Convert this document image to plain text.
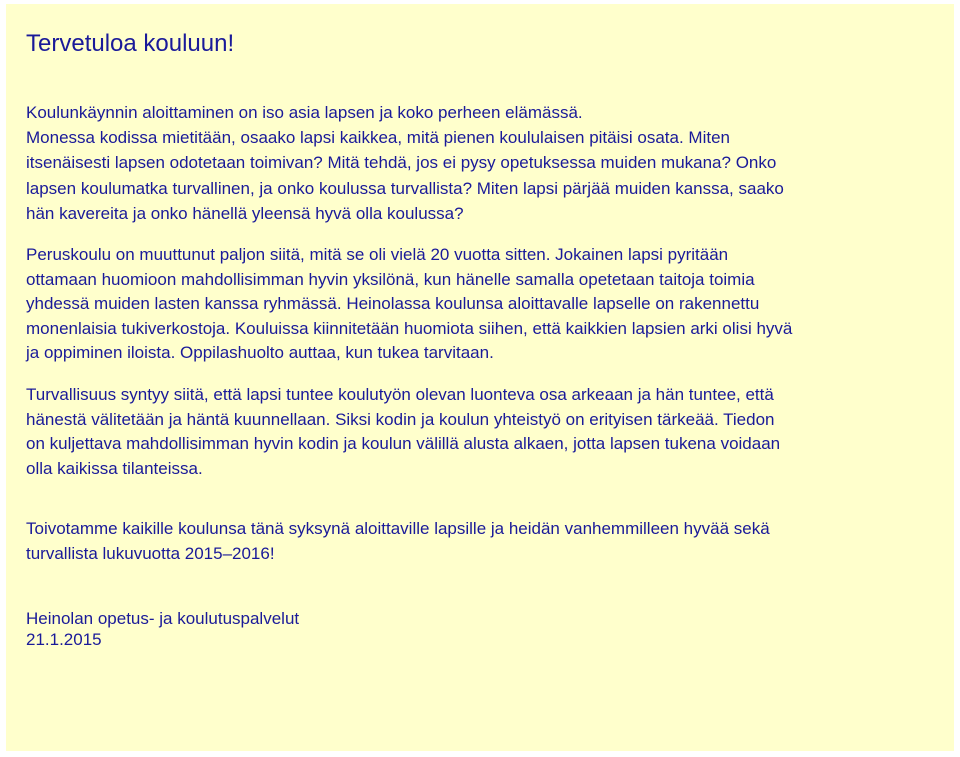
Tervetuloa kouluun!
Koulunkäynnin aloittaminen on iso asia lapsen ja koko perheen elämässä.
Monessa kodissa mietitään, osaako lapsi kaikkea, mitä pienen koululaisen pitäisi osata. Miten
itsenäisesti lapsen odotetaan toimivan? Mitä tehdä, jos ei pysy opetuksessa muiden mukana? Onko
lapsen koulumatka turvallinen, ja onko koulussa turvallista? Miten lapsi pärjää muiden kanssa, saako
hän kavereita ja onko hänellä yleensä hyvä olla koulussa?
Peruskoulu on muuttunut paljon siitä, mitä se oli vielä 20 vuotta sitten. Jokainen lapsi pyritään
ottamaan huomioon mahdollisimman hyvin yksilönä, kun hänelle samalla opetetaan taitoja toimia
yhdessä muiden lasten kanssa ryhmässä. Heinolassa koulunsa aloittavalle lapselle on rakennettu
monenlaisia tukiverkostoja. Kouluissa kiinnitetään huomiota siihen, että kaikkien lapsien arki olisi hyvä
ja oppiminen iloista. Oppilashuolto auttaa, kun tukea tarvitaan.
Turvallisuus syntyy siitä, että lapsi tuntee koulutyön olevan luonteva osa arkeaan ja hän tuntee, että
hänestä välitetään ja häntä kuunnellaan. Siksi kodin ja koulun yhteistyö on erityisen tärkeää. Tiedon
on kuljettava mahdollisimman hyvin kodin ja koulun välillä alusta alkaen, jotta lapsen tukena voidaan
olla kaikissa tilanteissa.
Toivotamme kaikille koulunsa tänä syksynä aloittaville lapsille ja heidän vanhemmilleen hyvää sekä
turvallista lukuvuotta 2015–2016!
Heinolan opetus- ja koulutuspalvelut
21.1.2015
